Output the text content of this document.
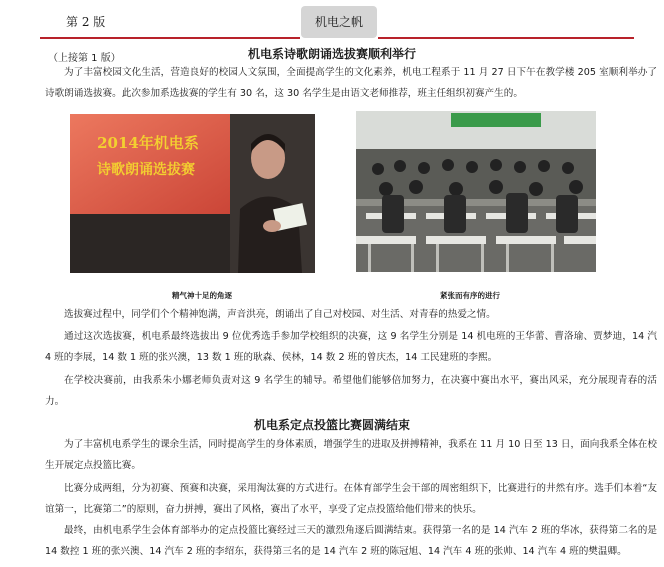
第 2 版	机电之帆
（上接第 1 版）	机电系诗歌朗诵选拔赛顺利举行

为了丰富校园文化生活，营造良好的校园人文氛围，全面提高学生的文化素养，机电工程系于 11 月 27 日下午在教学楼 205 室顺利举办了诗歌朗诵选拔赛。此次参加系选拔赛的学生有 30 名，这 30 名学生是由语文老师推荐，班主任组织初赛产生的。

2014年机电系
诗歌朗诵选拔赛
精气神十足的角逐	紧张而有序的进行

选拔赛过程中，同学们个个精神饱满，声音洪亮，朗诵出了自己对校园、对生活、对青春的热爱之情。

通过这次选拔赛，机电系最终选拔出 9 位优秀选手参加学校组织的决赛，这 9 名学生分别是 14 机电班的王华蕾、曹洛瑜、贾梦迪，14 汽 4 班的李展，14 数 1 班的张兴澳，13 数 1 班的耿森、侯林，14 数 2 班的曾庆杰，14 工民建班的李熙。

在学校决赛前，由我系朱小娜老师负责对这 9 名学生的辅导。希望他们能够倍加努力，在决赛中赛出水平，赛出风采，充分展现青春的活力。

机电系定点投篮比赛圆满结束

为了丰富机电系学生的课余生活，同时提高学生的身体素质，增强学生的进取及拼搏精神，我系在 11 月 10 日至 13 日，面向我系全体在校生开展定点投篮比赛。

比赛分成两组，分为初赛、预赛和决赛，采用淘汰赛的方式进行。在体育部学生会干部的周密组织下，比赛进行的井然有序。选手们本着“友谊第一，比赛第二”的原则，奋力拼搏，赛出了风格，赛出了水平，享受了定点投篮给他们带来的快乐。

最终，由机电系学生会体育部举办的定点投篮比赛经过三天的激烈角逐后圆满结束。获得第一名的是 14 汽车 2 班的华冰，获得第二名的是 14 数控 1 班的张兴澳、14 汽车 2 班的李绍东，获得第三名的是 14 汽车 2 班的陈冠旭、14 汽车 4 班的张帅、14 汽车 4 班的樊温卿。
